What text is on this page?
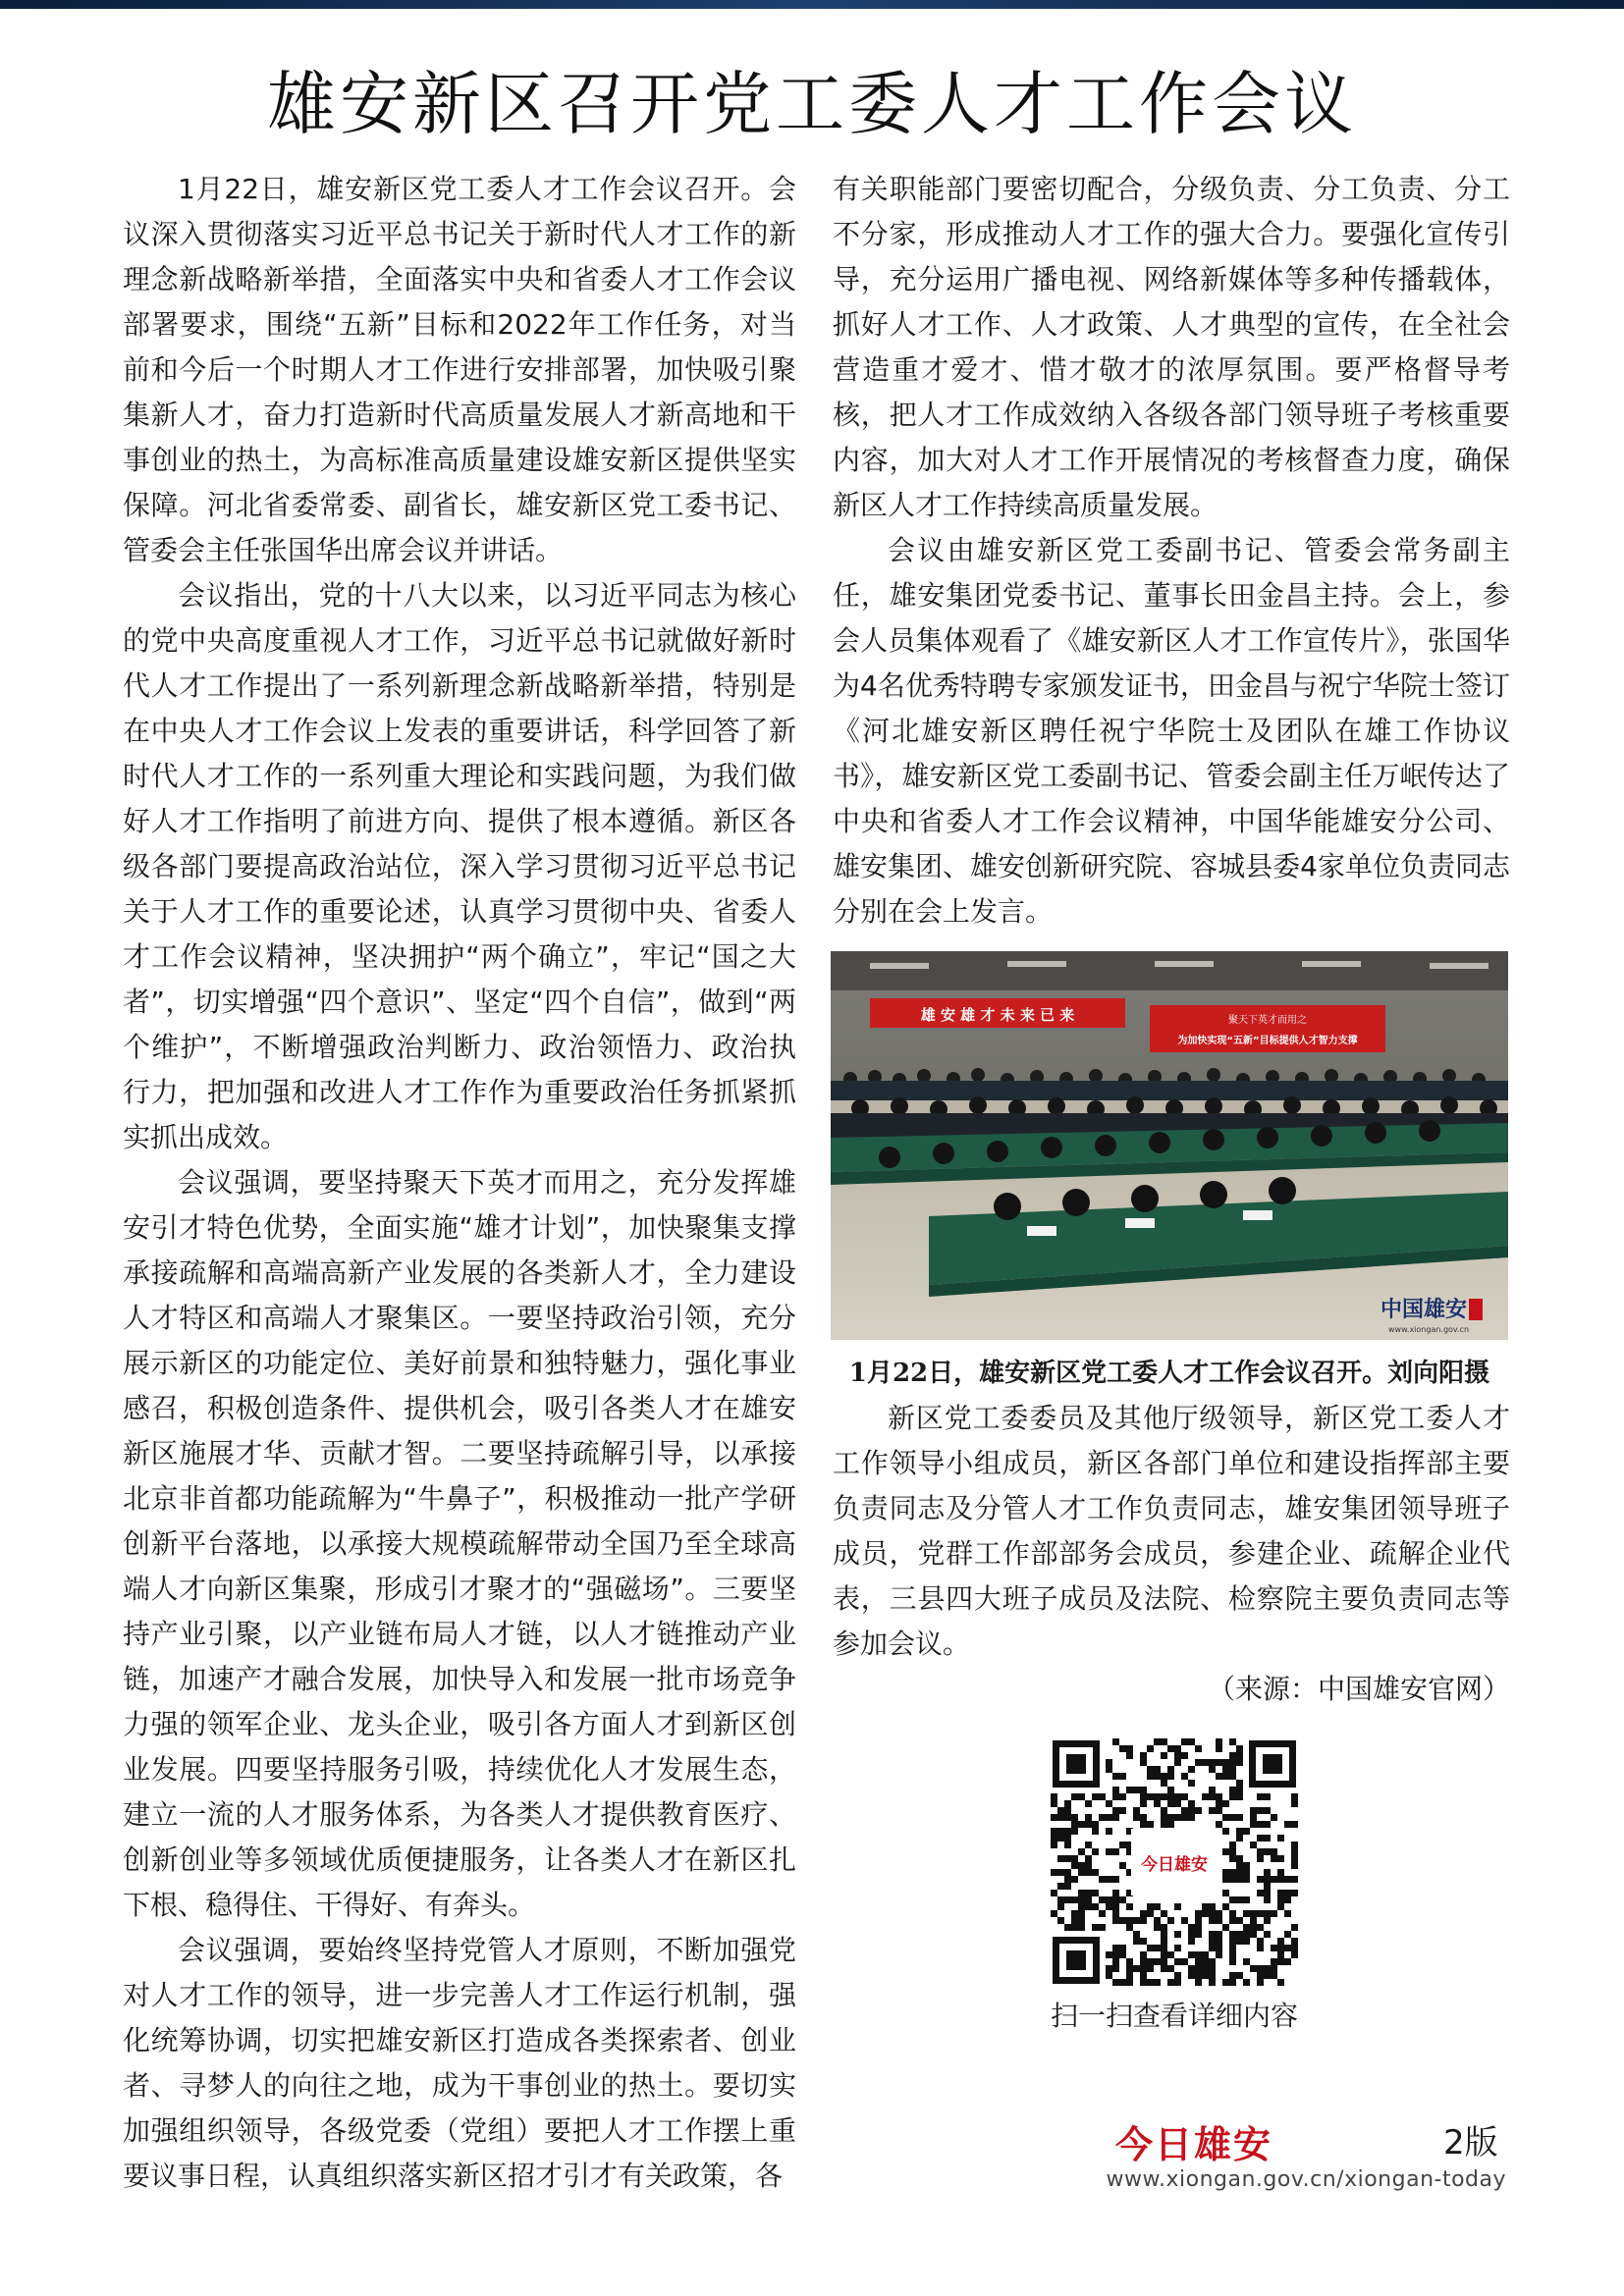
雄安新区召开党工委人才工作会议

1月22日，雄安新区党工委人才工作会议召开。会议深入贯彻落实习近平总书记关于新时代人才工作的新理念新战略新举措，全面落实中央和省委人才工作会议部署要求，围绕“五新”目标和2022年工作任务，对当前和今后一个时期人才工作进行安排部署，加快吸引聚集新人才，奋力打造新时代高质量发展人才新高地和干事创业的热土，为高标准高质量建设雄安新区提供坚实保障。河北省委常委、副省长，雄安新区党工委书记、管委会主任张国华出席会议并讲话。

会议指出，党的十八大以来，以习近平同志为核心的党中央高度重视人才工作，习近平总书记就做好新时代人才工作提出了一系列新理念新战略新举措，特别是在中央人才工作会议上发表的重要讲话，科学回答了新时代人才工作的一系列重大理论和实践问题，为我们做好人才工作指明了前进方向、提供了根本遵循。新区各级各部门要提高政治站位，深入学习贯彻习近平总书记关于人才工作的重要论述，认真学习贯彻中央、省委人才工作会议精神，坚决拥护“两个确立”，牢记“国之大者”，切实增强“四个意识”、坚定“四个自信”，做到“两个维护”，不断增强政治判断力、政治领悟力、政治执行力，把加强和改进人才工作作为重要政治任务抓紧抓实抓出成效。

会议强调，要坚持聚天下英才而用之，充分发挥雄安引才特色优势，全面实施“雄才计划”，加快聚集支撑承接疏解和高端高新产业发展的各类新人才，全力建设人才特区和高端人才聚集区。一要坚持政治引领，充分展示新区的功能定位、美好前景和独特魅力，强化事业感召，积极创造条件、提供机会，吸引各类人才在雄安新区施展才华、贡献才智。二要坚持疏解引导，以承接北京非首都功能疏解为“牛鼻子”，积极推动一批产学研创新平台落地，以承接大规模疏解带动全国乃至全球高端人才向新区集聚，形成引才聚才的“强磁场”。三要坚持产业引聚，以产业链布局人才链，以人才链推动产业链，加速产才融合发展，加快导入和发展一批市场竞争力强的领军企业、龙头企业，吸引各方面人才到新区创业发展。四要坚持服务引吸，持续优化人才发展生态，建立一流的人才服务体系，为各类人才提供教育医疗、创新创业等多领域优质便捷服务，让各类人才在新区扎下根、稳得住、干得好、有奔头。

会议强调，要始终坚持党管人才原则，不断加强党对人才工作的领导，进一步完善人才工作运行机制，强化统筹协调，切实把雄安新区打造成各类探索者、创业者、寻梦人的向往之地，成为干事创业的热土。要切实加强组织领导，各级党委（党组）要把人才工作摆上重要议事日程，认真组织落实新区招才引才有关政策，各

有关职能部门要密切配合，分级负责、分工负责、分工不分家，形成推动人才工作的强大合力。要强化宣传引导，充分运用广播电视、网络新媒体等多种传播载体，抓好人才工作、人才政策、人才典型的宣传，在全社会营造重才爱才、惜才敬才的浓厚氛围。要严格督导考核，把人才工作成效纳入各级各部门领导班子考核重要内容，加大对人才工作开展情况的考核督查力度，确保新区人才工作持续高质量发展。

会议由雄安新区党工委副书记、管委会常务副主任，雄安集团党委书记、董事长田金昌主持。会上，参会人员集体观看了《雄安新区人才工作宣传片》，张国华为4名优秀特聘专家颁发证书，田金昌与祝宁华院士签订《河北雄安新区聘任祝宁华院士及团队在雄工作协议书》，雄安新区党工委副书记、管委会副主任万岷传达了中央和省委人才工作会议精神，中国华能雄安分公司、雄安集团、雄安创新研究院、容城县委4家单位负责同志分别在会上发言。

雄 安 雄 才 未 来 已 来	聚天下英才而用之
为加快实现“五新”目标提供人才智力支撑
中国雄安
www.xiongan.gov.cn
1月22日，雄安新区党工委人才工作会议召开。刘向阳摄

新区党工委委员及其他厅级领导，新区党工委人才工作领导小组成员，新区各部门单位和建设指挥部主要负责同志及分管人才工作负责同志，雄安集团领导班子成员，党群工作部部务会成员，参建企业、疏解企业代表，三县四大班子成员及法院、检察院主要负责同志等参加会议。

（来源：中国雄安官网）
今日雄安
扫一扫查看详细内容
今日雄安	2版
www.xiongan.gov.cn/xiongan-today
